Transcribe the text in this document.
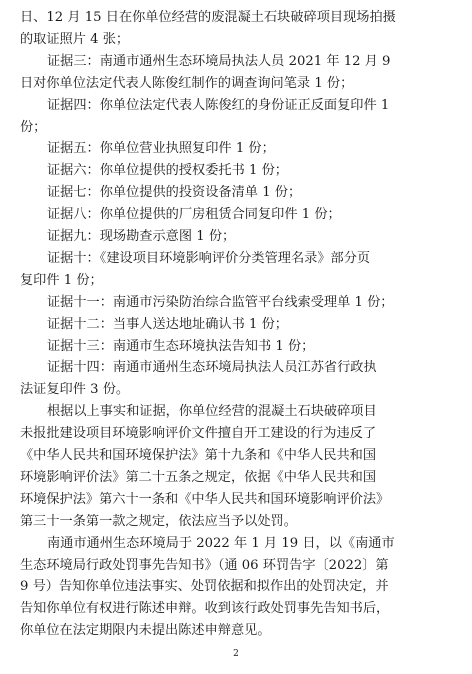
日、12 月 15 日在你单位经营的废混凝土石块破碎项目现场拍摄
的取证照片 4 张；
证据三：南通市通州生态环境局执法人员 2021 年 12 月 9
日对你单位法定代表人陈俊红制作的调查询问笔录 1 份；
证据四：你单位法定代表人陈俊红的身份证正反面复印件 1
份；
证据五：你单位营业执照复印件 1 份；
证据六：你单位提供的授权委托书 1 份；
证据七：你单位提供的投资设备清单 1 份；
证据八：你单位提供的厂房租赁合同复印件 1 份；
证据九：现场勘查示意图 1 份；
证据十：《建设项目环境影响评价分类管理名录》部分页
复印件 1 份；
证据十一：南通市污染防治综合监管平台线索受理单 1 份；
证据十二：当事人送达地址确认书 1 份；
证据十三：南通市生态环境执法告知书 1 份；
证据十四：南通市通州生态环境局执法人员江苏省行政执
法证复印件 3 份。
根据以上事实和证据，你单位经营的混凝土石块破碎项目
未报批建设项目环境影响评价文件擅自开工建设的行为违反了
《中华人民共和国环境保护法》第十九条和《中华人民共和国
环境影响评价法》第二十五条之规定，依据《中华人民共和国
环境保护法》第六十一条和《中华人民共和国环境影响评价法》
第三十一条第一款之规定，依法应当予以处罚。
南通市通州生态环境局于 2022 年 1 月 19 日，以《南通市
生态环境局行政处罚事先告知书》（通 06 环罚告字〔2022〕第
9 号）告知你单位违法事实、处罚依据和拟作出的处罚决定，并
告知你单位有权进行陈述申辩。收到该行政处罚事先告知书后，
你单位在法定期限内未提出陈述申辩意见。
2
